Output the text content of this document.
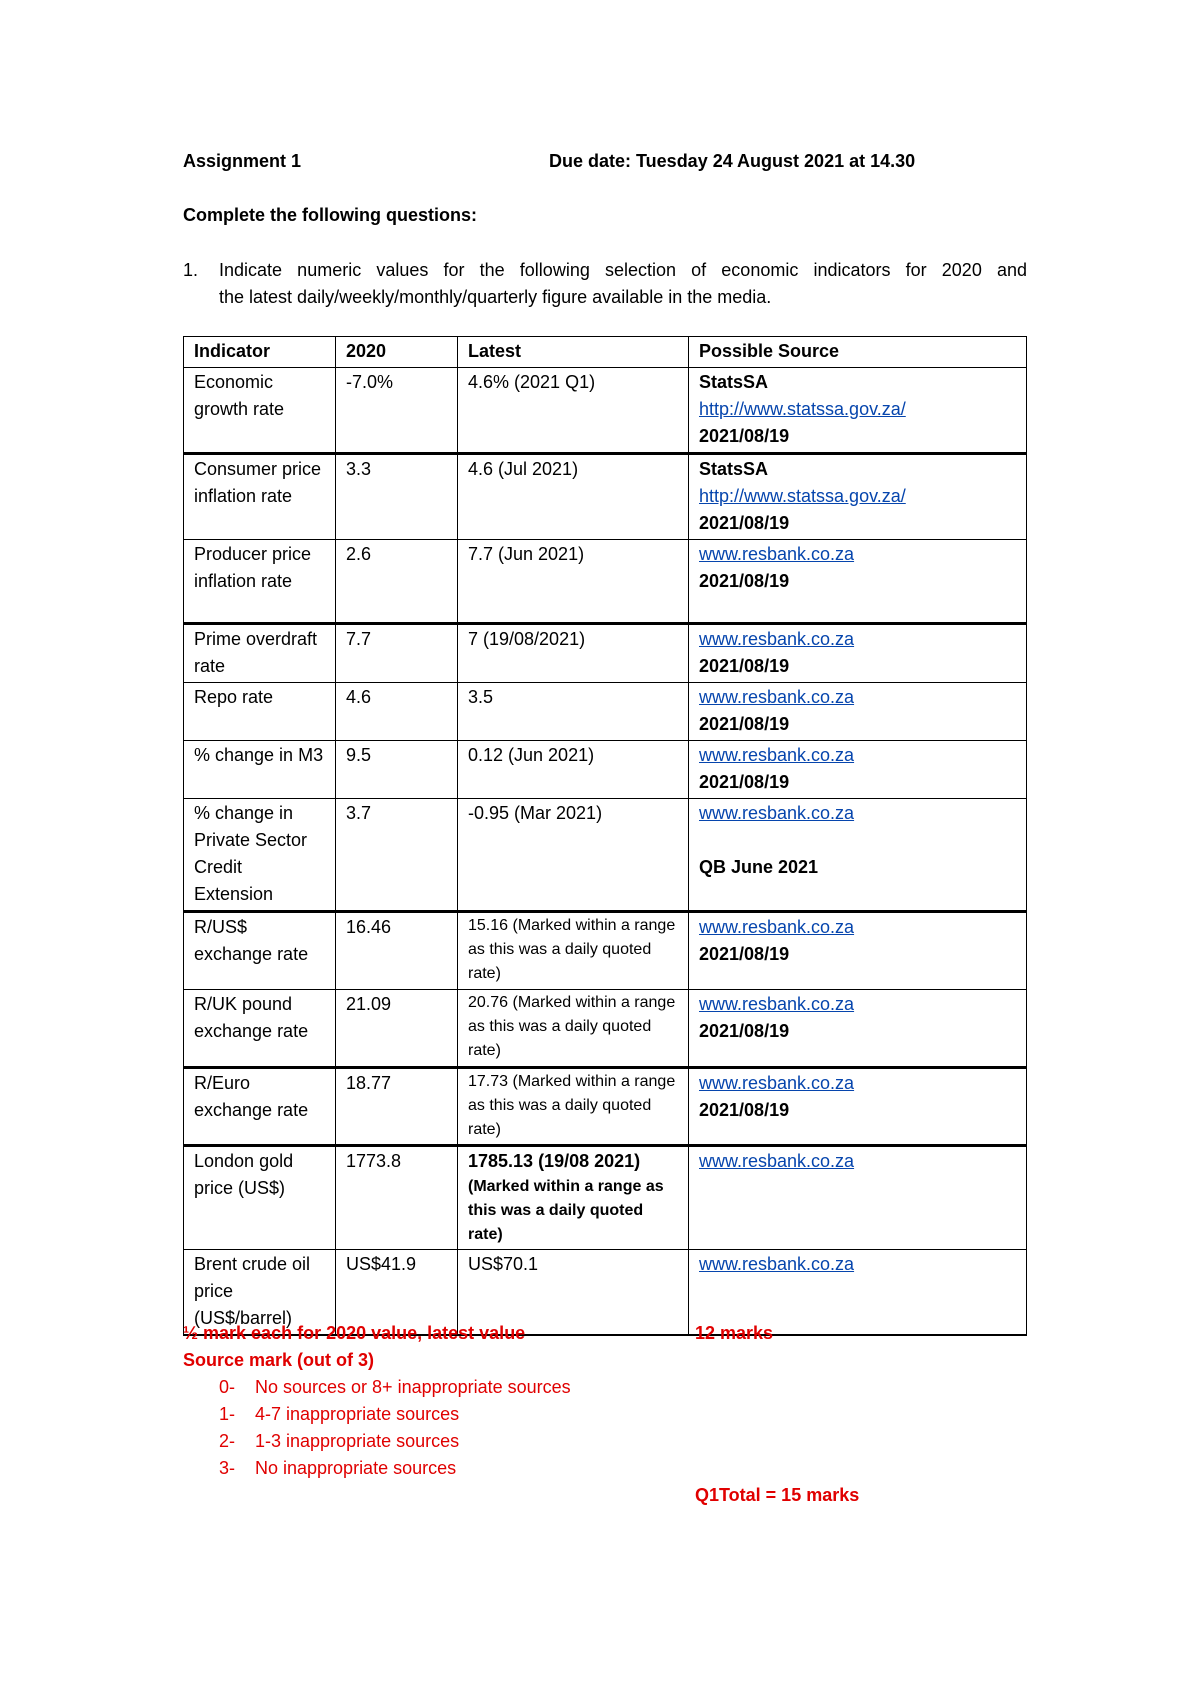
Assignment 1	Due date: Tuesday 24 August 2021 at 14.30
Complete the following questions:
1. Indicate numeric values for the following selection of economic indicators for 2020 and
the latest daily/weekly/monthly/quarterly figure available in the media.
Indicator	2020	Latest	Possible Source
Economic growth rate	-7.0%	4.6% (2021 Q1)	StatsSA
http://www.statssa.gov.za/
2021/08/19

Consumer price inflation rate	3.3	4.6 (Jul 2021)	StatsSA
http://www.statssa.gov.za/
2021/08/19

Producer price inflation rate	2.6	7.7 (Jun 2021)	www.resbank.co.za
2021/08/19

Prime overdraft rate	7.7	7 (19/08/2021)	www.resbank.co.za
2021/08/19

Repo rate	4.6	3.5	www.resbank.co.za
2021/08/19

% change in M3	9.5	0.12 (Jun 2021)	www.resbank.co.za
2021/08/19

% change in Private Sector Credit Extension	3.7	-0.95 (Mar 2021)	www.resbank.co.za
QB June 2021

R/US$ exchange rate	16.46	15.16 (Marked within a range as this was a daily quoted rate)	www.resbank.co.za
2021/08/19

R/UK pound exchange rate	21.09	20.76 (Marked within a range as this was a daily quoted rate)	www.resbank.co.za
2021/08/19

R/Euro exchange rate	18.77	17.73 (Marked within a range as this was a daily quoted rate)	www.resbank.co.za
2021/08/19

London gold price (US$)	1773.8	1785.13 (19/08 2021)
(Marked within a range as this was a daily quoted rate)	www.resbank.co.za

Brent crude oil price (US$/barrel)	US$41.9	US$70.1	www.resbank.co.za
½ mark each for 2020 value, latest value	12 marks
Source mark (out of 3)
0- No sources or 8+ inappropriate sources
1- 4-7 inappropriate sources
2- 1-3 inappropriate sources
3- No inappropriate sources
Q1Total = 15 marks
